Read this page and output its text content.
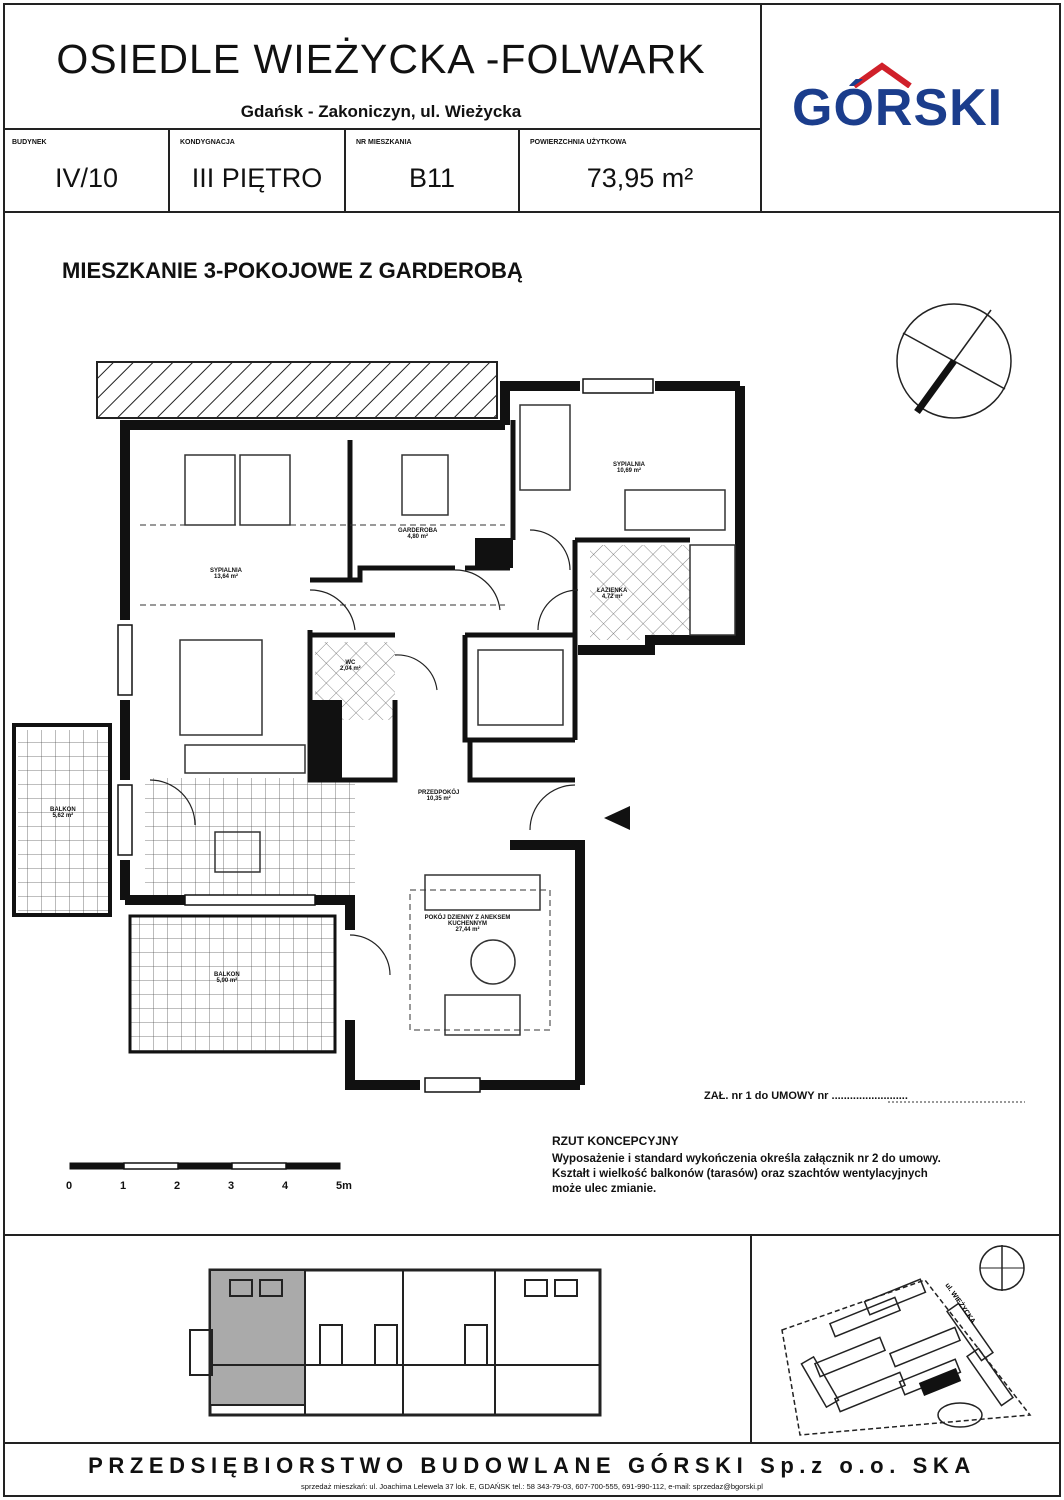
OSIEDLE WIEŻYCKA -FOLWARK
Gdańsk - Zakoniczyn, ul. Wieżycka	GÓRSKI
BUDYNEK
IV/10
KONDYGNACJA
III PIĘTRO
NR MIESZKANIA
B11
POWIERZCHNIA UŻYTKOWA
73,95 m²
MIESZKANIE 3-POKOJOWE Z GARDEROBĄ
SYPIALNIA
13,64 m²
GARDEROBA
4,80 m²
SYPIALNIA
10,69 m²
ŁAZIENKA
4,72 m²
WC
2,04 m²
PRZEDPOKÓJ
10,35 m²
POKÓJ DZIENNY Z ANEKSEM KUCHENNYM
27,44 m²
BALKON
5,62 m²
BALKON
5,90 m²
0	1	2	3	4	5m
ZAŁ. nr 1 do UMOWY nr .........................
RZUT KONCEPCYJNY
Wyposażenie i standard wykończenia określa załącznik nr 2 do umowy.
Kształt i wielkość balkonów (tarasów) oraz szachtów wentylacyjnych
może ulec zmianie.
ul. WIEŻYCKA
PRZEDSIĘBIORSTWO BUDOWLANE GÓRSKI Sp.z o.o. SKA
sprzedaż mieszkań: ul. Joachima Lelewela 37 lok. E, GDAŃSK tel.: 58 343-79-03, 607-700-555, 691-990-112, e-mail: sprzedaz@bgorski.pl
